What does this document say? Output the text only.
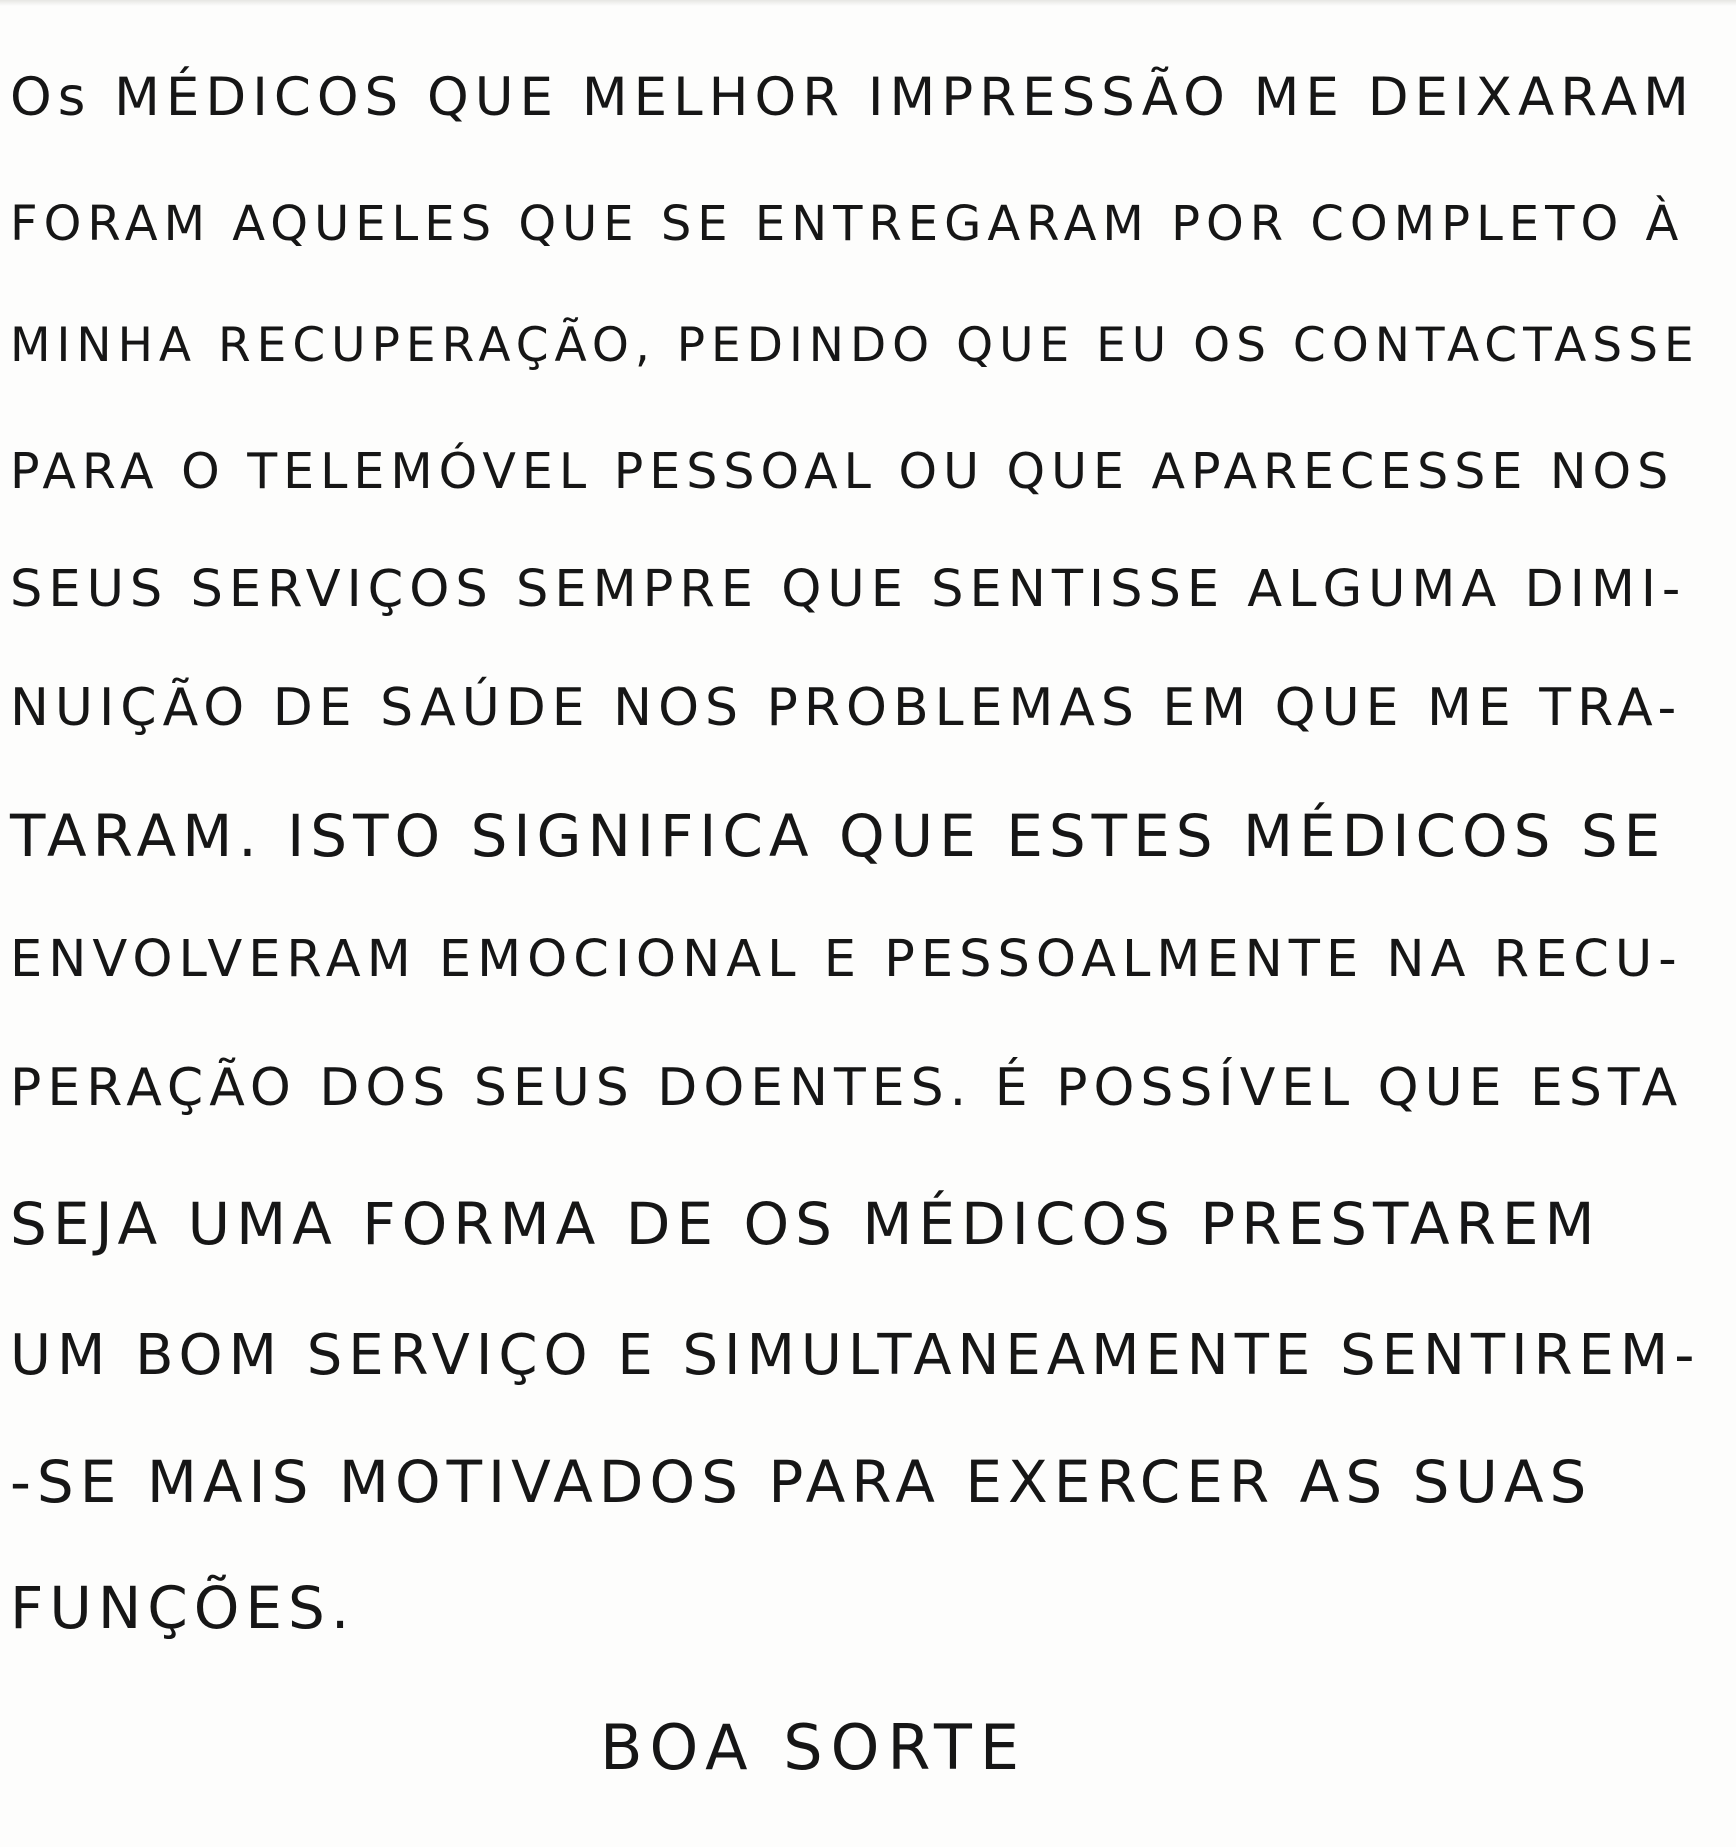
Os MÉDICOS QUE MELHOR IMPRESSÃO ME DEIXARAM

FORAM AQUELES QUE SE ENTREGARAM POR COMPLETO À

MINHA RECUPERAÇÃO, PEDINDO QUE EU OS CONTACTASSE

PARA O TELEMÓVEL PESSOAL OU QUE APARECESSE NOS

SEUS SERVIÇOS SEMPRE QUE SENTISSE ALGUMA DIMI-

NUIÇÃO DE SAÚDE NOS PROBLEMAS EM QUE ME TRA-

TARAM. ISTO SIGNIFICA QUE ESTES MÉDICOS SE

ENVOLVERAM EMOCIONAL E PESSOALMENTE NA RECU-

PERAÇÃO DOS SEUS DOENTES. É POSSÍVEL QUE ESTA

SEJA UMA FORMA DE OS MÉDICOS PRESTAREM

UM BOM SERVIÇO E SIMULTANEAMENTE SENTIREM-

-SE MAIS MOTIVADOS PARA EXERCER AS SUAS

FUNÇÕES.

BOA SORTE
